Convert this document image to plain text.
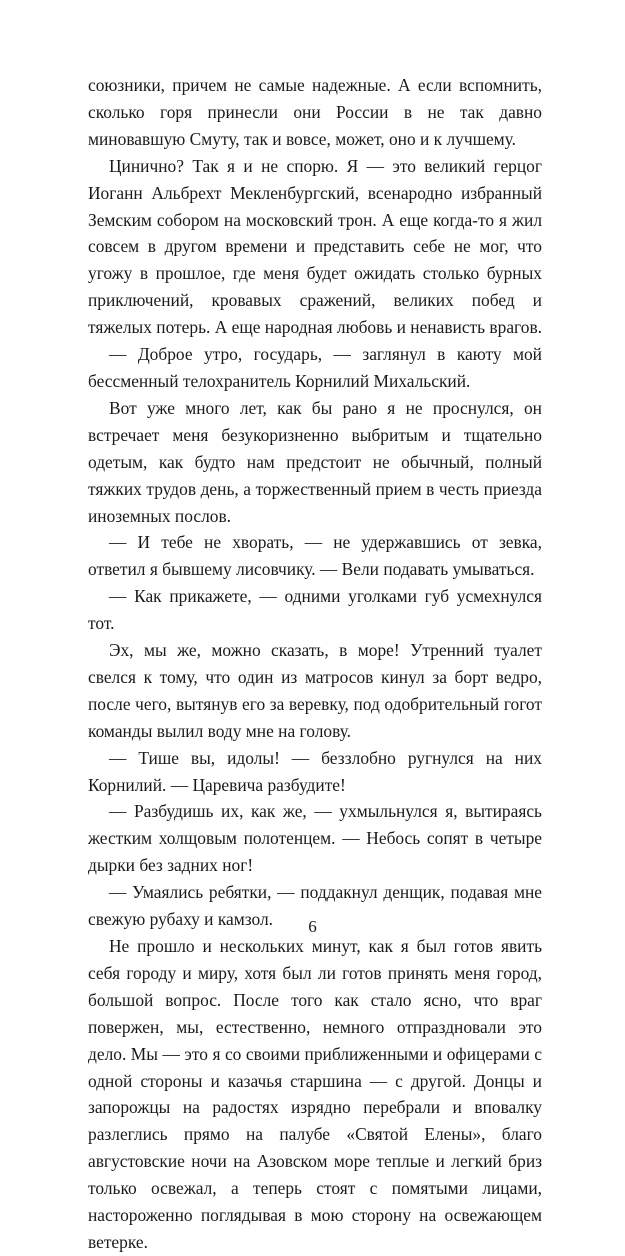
союзники, причем не самые надежные. А если вспомнить, сколько горя принесли они России в не так давно миновавшую Смуту, так и вовсе, может, оно и к лучшему.

Цинично? Так я и не спорю. Я — это великий герцог Иоганн Альбрехт Мекленбургский, всенародно избранный Земским собором на московский трон. А еще когда-то я жил совсем в другом времени и представить себе не мог, что угожу в прошлое, где меня будет ожидать столько бурных приключений, кровавых сражений, великих побед и тяжелых потерь. А еще народная любовь и ненависть врагов.

— Доброе утро, государь, — заглянул в каюту мой бессменный телохранитель Корнилий Михальский.

Вот уже много лет, как бы рано я не проснулся, он встречает меня безукоризненно выбритым и тщательно одетым, как будто нам предстоит не обычный, полный тяжких трудов день, а торжественный прием в честь приезда иноземных послов.

— И тебе не хворать, — не удержавшись от зевка, ответил я бывшему лисовчику. — Вели подавать умываться.

— Как прикажете, — одними уголками губ усмехнулся тот.

Эх, мы же, можно сказать, в море! Утренний туалет свелся к тому, что один из матросов кинул за борт ведро, после чего, вытянув его за веревку, под одобрительный гогот команды вылил воду мне на голову.

— Тише вы, идолы! — беззлобно ругнулся на них Корнилий. — Царевича разбудите!

— Разбудишь их, как же, — ухмыльнулся я, вытираясь жестким холщовым полотенцем. — Небось сопят в четыре дырки без задних ног!

— Умаялись ребятки, — поддакнул денщик, подавая мне свежую рубаху и камзол.

Не прошло и нескольких минут, как я был готов явить себя городу и миру, хотя был ли готов принять меня город, большой вопрос. После того как стало ясно, что враг повержен, мы, естественно, немного отпраздновали это дело. Мы — это я со своими приближенными и офицерами с одной стороны и казачья старшина — с другой. Донцы и запорожцы на радостях изрядно перебрали и вповалку разлеглись прямо на палубе «Святой Елены», благо августовские ночи на Азовском море теплые и легкий бриз только освежал, а теперь стоят с помятыми лицами, настороженно поглядывая в мою сторону на освежающем ветерке.

6
